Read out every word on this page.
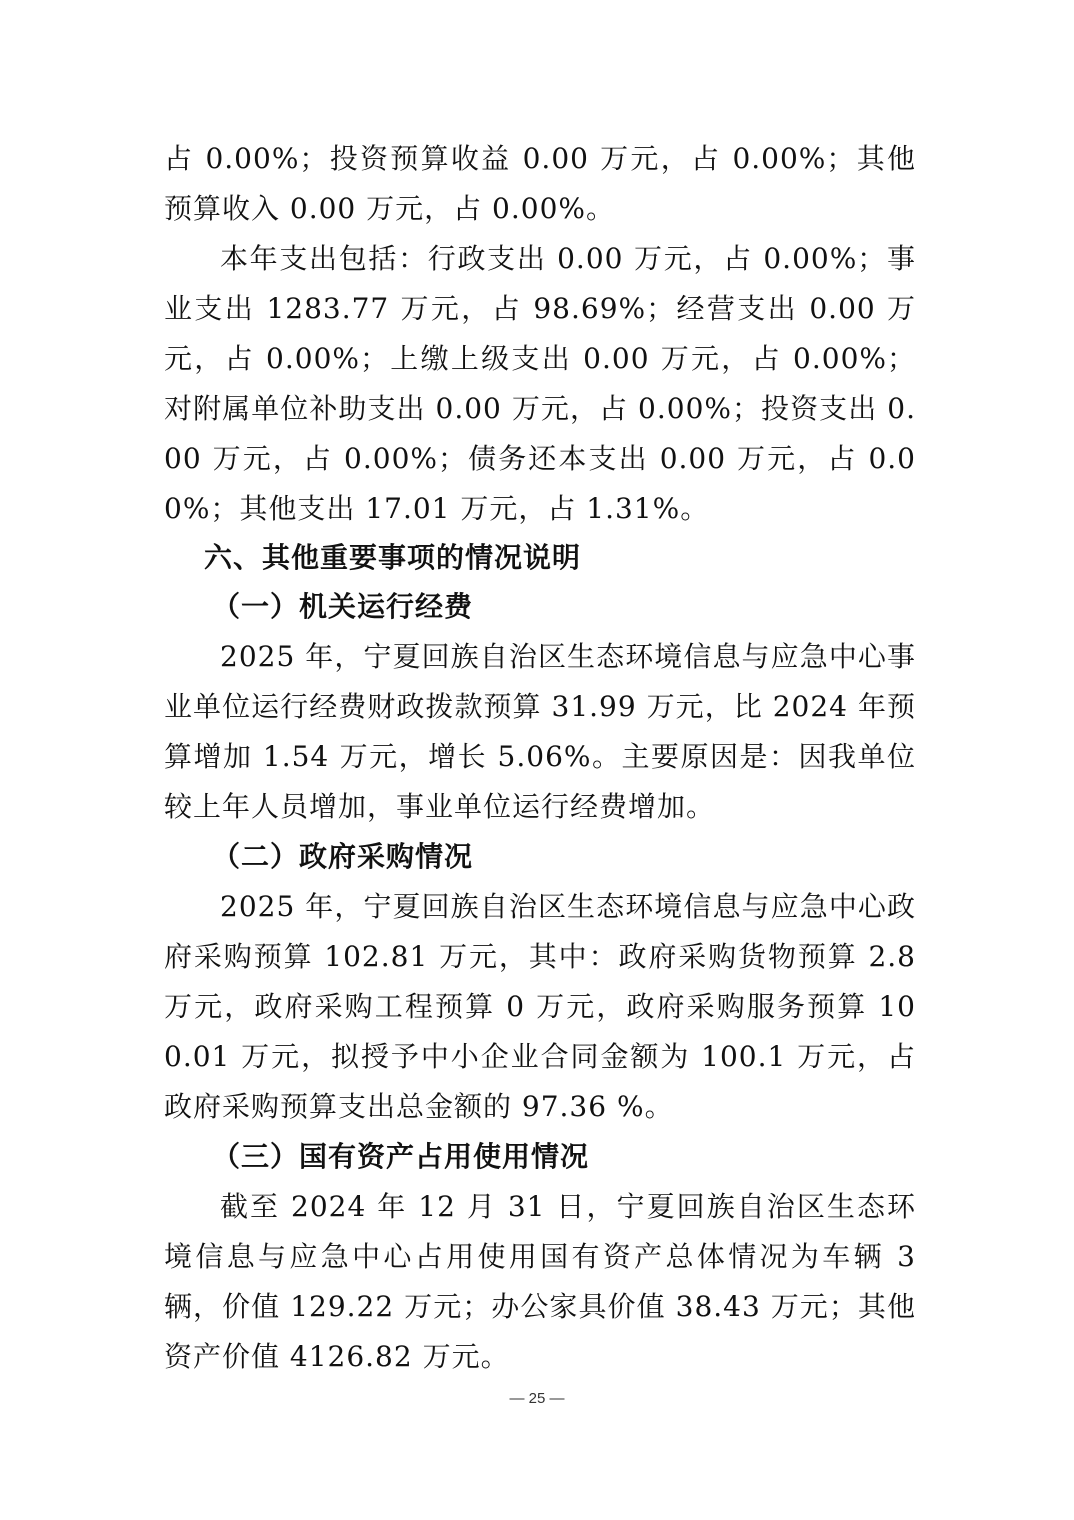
占 0.00%；投资预算收益 0.00 万元，占 0.00%；其他预算收入 0.00 万元，占 0.00%。

本年支出包括：行政支出 0.00 万元，占 0.00%；事业支出 1283.77 万元，占 98.69%；经营支出 0.00 万元，占 0.00%；上缴上级支出 0.00 万元，占 0.00%；对附属单位补助支出 0.00 万元，占 0.00%；投资支出 0.00 万元，占 0.00%；债务还本支出 0.00 万元，占 0.00%；其他支出 17.01 万元，占 1.31%。

六、其他重要事项的情况说明
（一）机关运行经费

2025 年，宁夏回族自治区生态环境信息与应急中心事业单位运行经费财政拨款预算 31.99 万元，比 2024 年预算增加 1.54 万元，增长 5.06%。主要原因是：因我单位较上年人员增加，事业单位运行经费增加。

（二）政府采购情况

2025 年，宁夏回族自治区生态环境信息与应急中心政府采购预算 102.81 万元，其中：政府采购货物预算 2.8 万元，政府采购工程预算 0 万元，政府采购服务预算 100.01 万元，拟授予中小企业合同金额为 100.1 万元，占政府采购预算支出总金额的 97.36 %。

（三）国有资产占用使用情况

截至 2024 年 12 月 31 日，宁夏回族自治区生态环境信息与应急中心占用使用国有资产总体情况为车辆 3 辆，价值 129.22 万元；办公家具价值 38.43 万元；其他资产价值 4126.82 万元。

— 25 —
